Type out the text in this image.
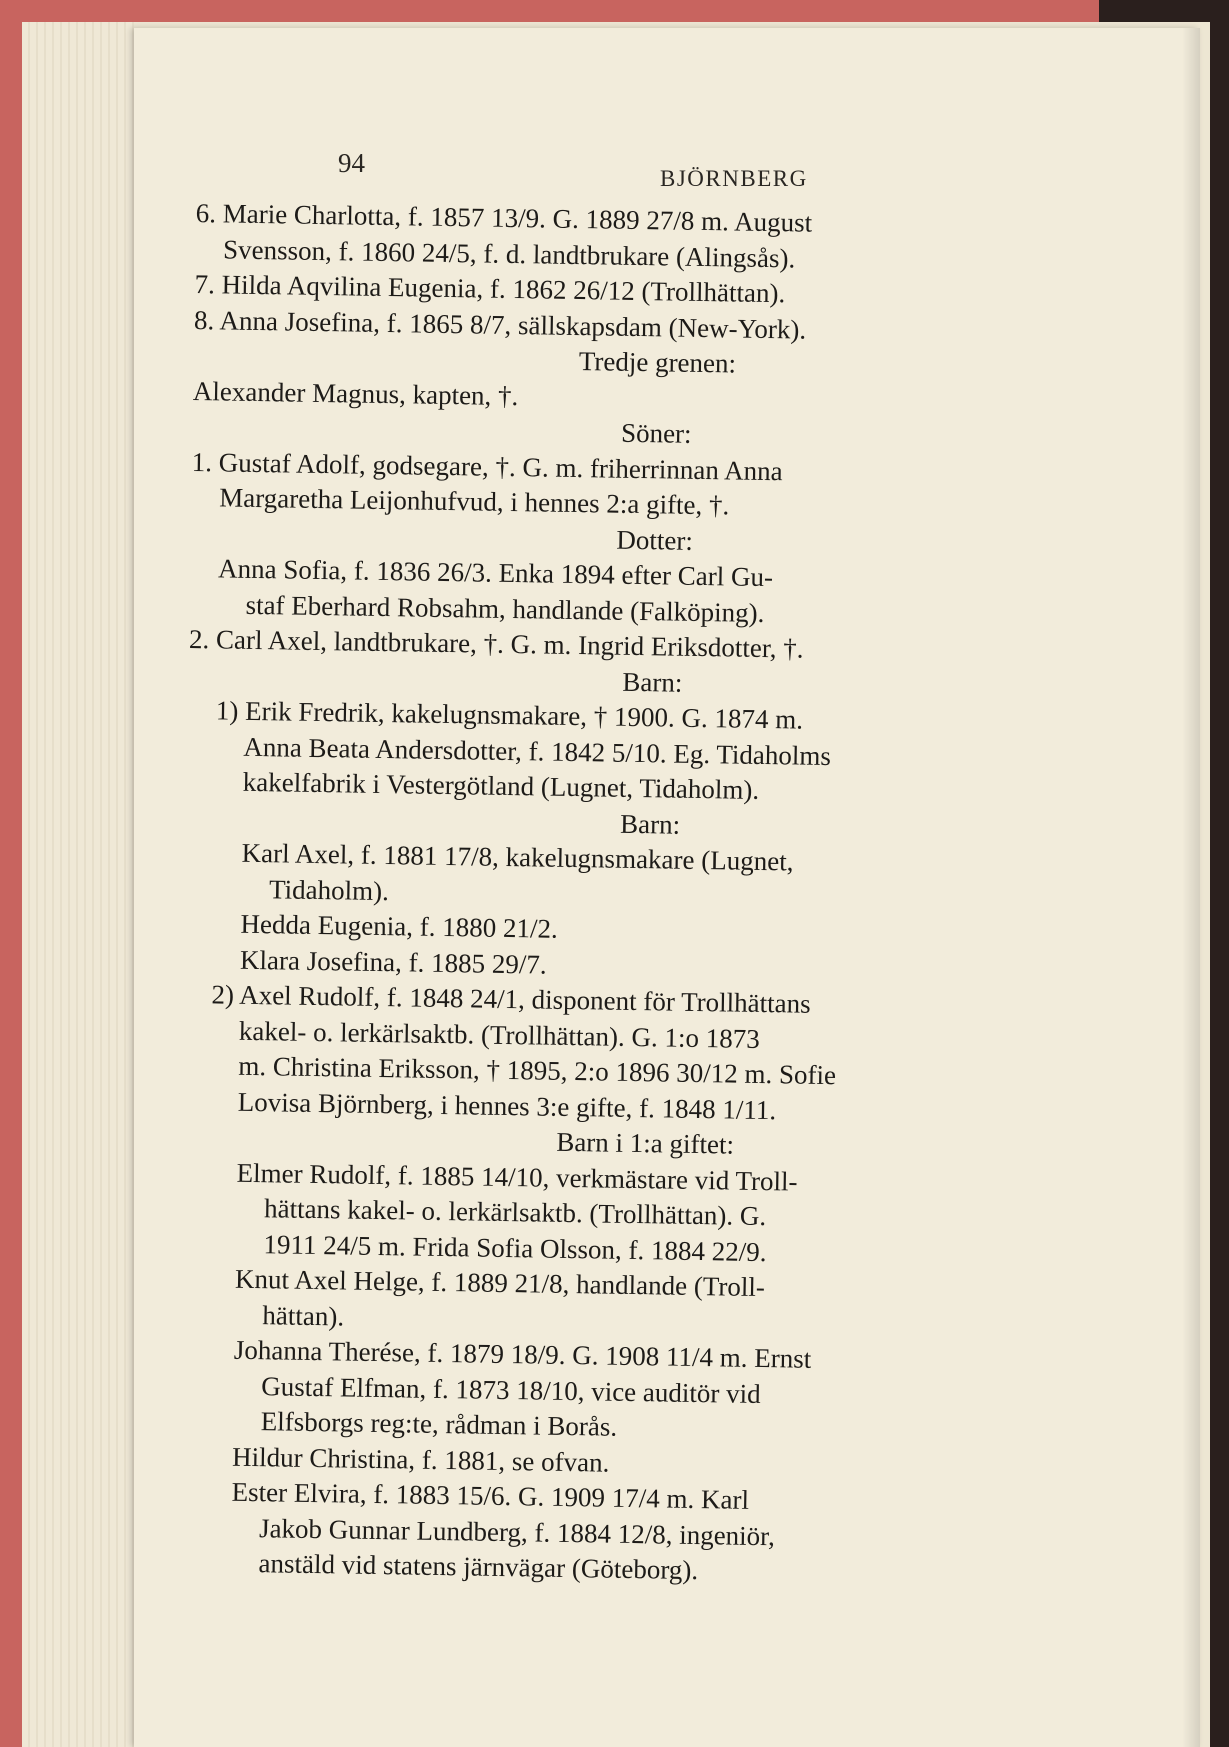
94
BJÖRNBERG
6. Marie Charlotta, f. 1857 13/9. G. 1889 27/8 m. August
Svensson, f. 1860 24/5, f. d. landtbrukare (Alingsås).
7. Hilda Aqvilina Eugenia, f. 1862 26/12 (Trollhättan).
8. Anna Josefina, f. 1865 8/7, sällskapsdam (New-York).
Tredje grenen:
Alexander Magnus, kapten, †.
Söner:
1. Gustaf Adolf, godsegare, †. G. m. friherrinnan Anna
Margaretha Leijonhufvud, i hennes 2:a gifte, †.
Dotter:
Anna Sofia, f. 1836 26/3. Enka 1894 efter Carl Gu-
staf Eberhard Robsahm, handlande (Falköping).
2. Carl Axel, landtbrukare, †. G. m. Ingrid Eriksdotter, †.
Barn:
1) Erik Fredrik, kakelugnsmakare, † 1900. G. 1874 m.
Anna Beata Andersdotter, f. 1842 5/10. Eg. Tidaholms
kakelfabrik i Vestergötland (Lugnet, Tidaholm).
Barn:
Karl Axel, f. 1881 17/8, kakelugnsmakare (Lugnet,
Tidaholm).
Hedda Eugenia, f. 1880 21/2.
Klara Josefina, f. 1885 29/7.
2) Axel Rudolf, f. 1848 24/1, disponent för Trollhättans
kakel- o. lerkärlsaktb. (Trollhättan). G. 1:o 1873
m. Christina Eriksson, † 1895, 2:o 1896 30/12 m. Sofie
Lovisa Björnberg, i hennes 3:e gifte, f. 1848 1/11.
Barn i 1:a giftet:
Elmer Rudolf, f. 1885 14/10, verkmästare vid Troll-
hättans kakel- o. lerkärlsaktb. (Trollhättan). G.
1911 24/5 m. Frida Sofia Olsson, f. 1884 22/9.
Knut Axel Helge, f. 1889 21/8, handlande (Troll-
hättan).
Johanna Therése, f. 1879 18/9. G. 1908 11/4 m. Ernst
Gustaf Elfman, f. 1873 18/10, vice auditör vid
Elfsborgs reg:te, rådman i Borås.
Hildur Christina, f. 1881, se ofvan.
Ester Elvira, f. 1883 15/6. G. 1909 17/4 m. Karl
Jakob Gunnar Lundberg, f. 1884 12/8, ingeniör,
anstäld vid statens järnvägar (Göteborg).
